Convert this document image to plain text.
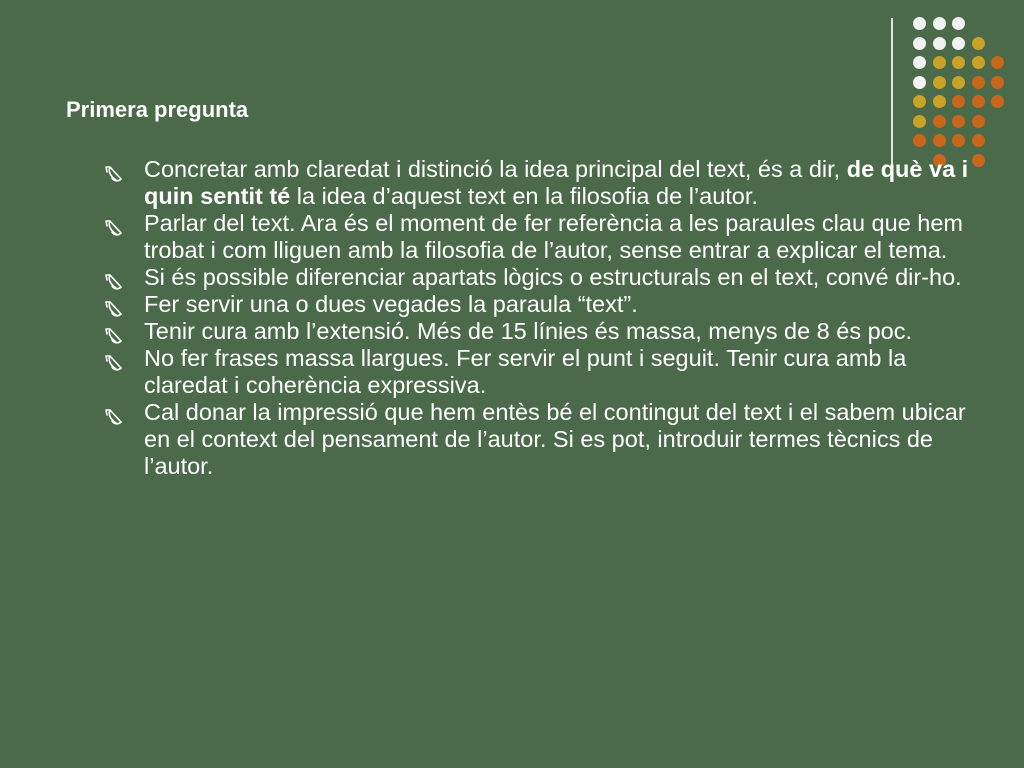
Primera pregunta
Concretar amb claredat i distinció la idea principal del text, és a dir, de què va i quin sentit té la idea d’aquest text en la filosofia de l’autor.
Parlar del text. Ara és el moment de fer referència a les paraules clau que hem trobat i com lliguen amb la filosofia de l’autor, sense entrar a explicar el tema.
Si és possible diferenciar apartats lògics o estructurals en el text, convé dir-ho.
Fer servir una o dues vegades la paraula “text”.
Tenir cura amb l’extensió. Més de 15 línies és massa, menys de 8 és poc.
No fer frases massa llargues. Fer servir el punt i seguit. Tenir cura amb la claredat i coherència expressiva.
Cal donar la impressió que hem entès bé el contingut del text i el sabem ubicar en el context del pensament de l’autor. Si es pot, introduir termes tècnics de l’autor.
